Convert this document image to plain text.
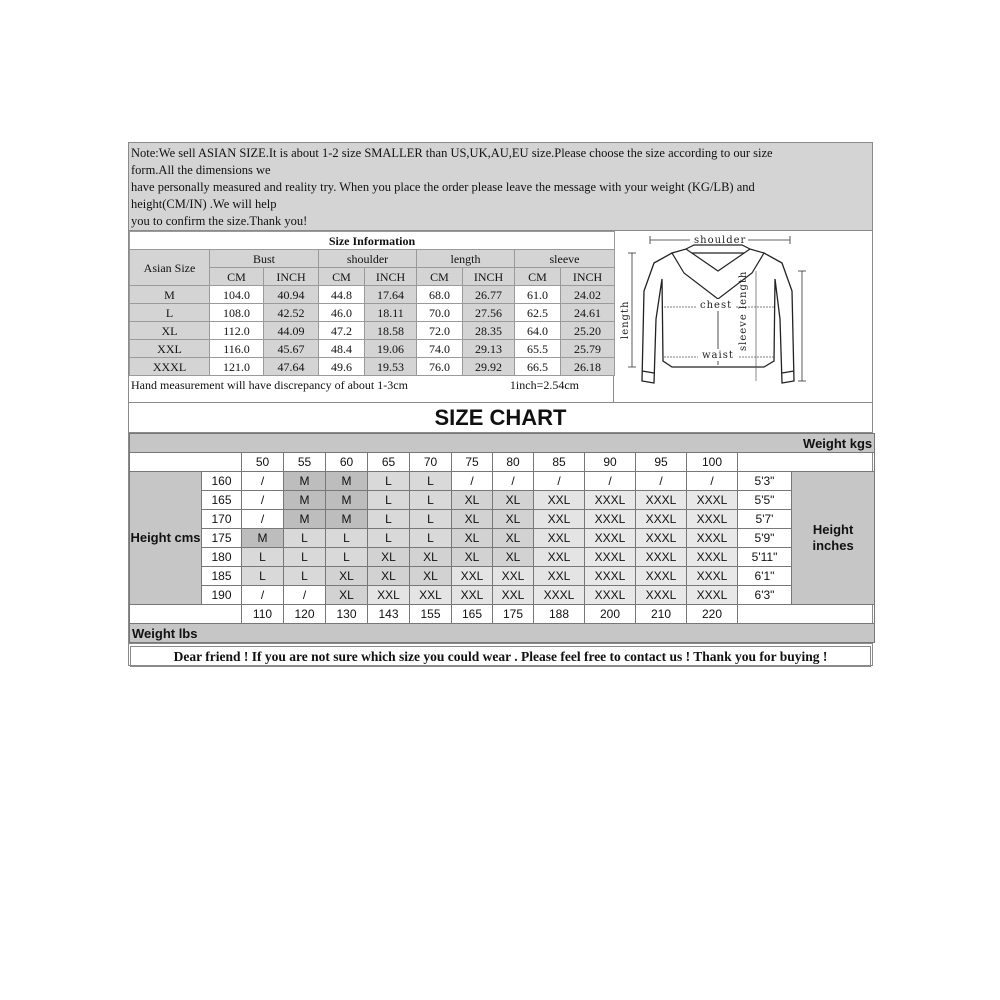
Note:We sell ASIAN SIZE.It is about 1-2 size SMALLER than US,UK,AU,EU size.Please choose the size according to our size
form.All the dimensions we
have personally measured and reality try. When you place the order please leave the message with your weight (KG/LB) and
height(CM/IN) .We will help
you to confirm the size.Thank you!
Size Information								
Asian Size	Bust		shoulder		length		sleeve	
	CM	INCH	CM	INCH	CM	INCH	CM	INCH
M	104.0	40.94	44.8	17.64	68.0	26.77	61.0	24.02
L	108.0	42.52	46.0	18.11	70.0	27.56	62.5	24.61
XL	112.0	44.09	47.2	18.58	72.0	28.35	64.0	25.20
XXL	116.0	45.67	48.4	19.06	74.0	29.13	65.5	25.79
XXXL	121.0	47.64	49.6	19.53	76.0	29.92	66.5	26.18
Hand measurement will have discrepancy of about 1-3cm	1inch=2.54cm
shoulder
chest
waist
length	sleeve length
SIZE CHART
Weight kgs														
		50	55	60	65	70	75	80	85	90	95	100		
Height cms	160	/	M	M	L	L	/	/	/	/	/	/	5'3"	Height inches
	165	/	M	M	L	L	XL	XL	XXL	XXXL	XXXL	XXXL	5'5"	
	170	/	M	M	L	L	XL	XL	XXL	XXXL	XXXL	XXXL	5'7'	
	175	M	L	L	L	L	XL	XL	XXL	XXXL	XXXL	XXXL	5'9"	
	180	L	L	L	XL	XL	XL	XL	XXL	XXXL	XXXL	XXXL	5'11"	
	185	L	L	XL	XL	XL	XXL	XXL	XXL	XXXL	XXXL	XXXL	6'1"	
	190	/	/	XL	XXL	XXL	XXL	XXL	XXXL	XXXL	XXXL	XXXL	6'3"	
		110	120	130	143	155	165	175	188	200	210	220		
Weight lbs														
Dear friend ! If you are not sure which size you could wear . Please feel free to contact us ! Thank you for buying !
